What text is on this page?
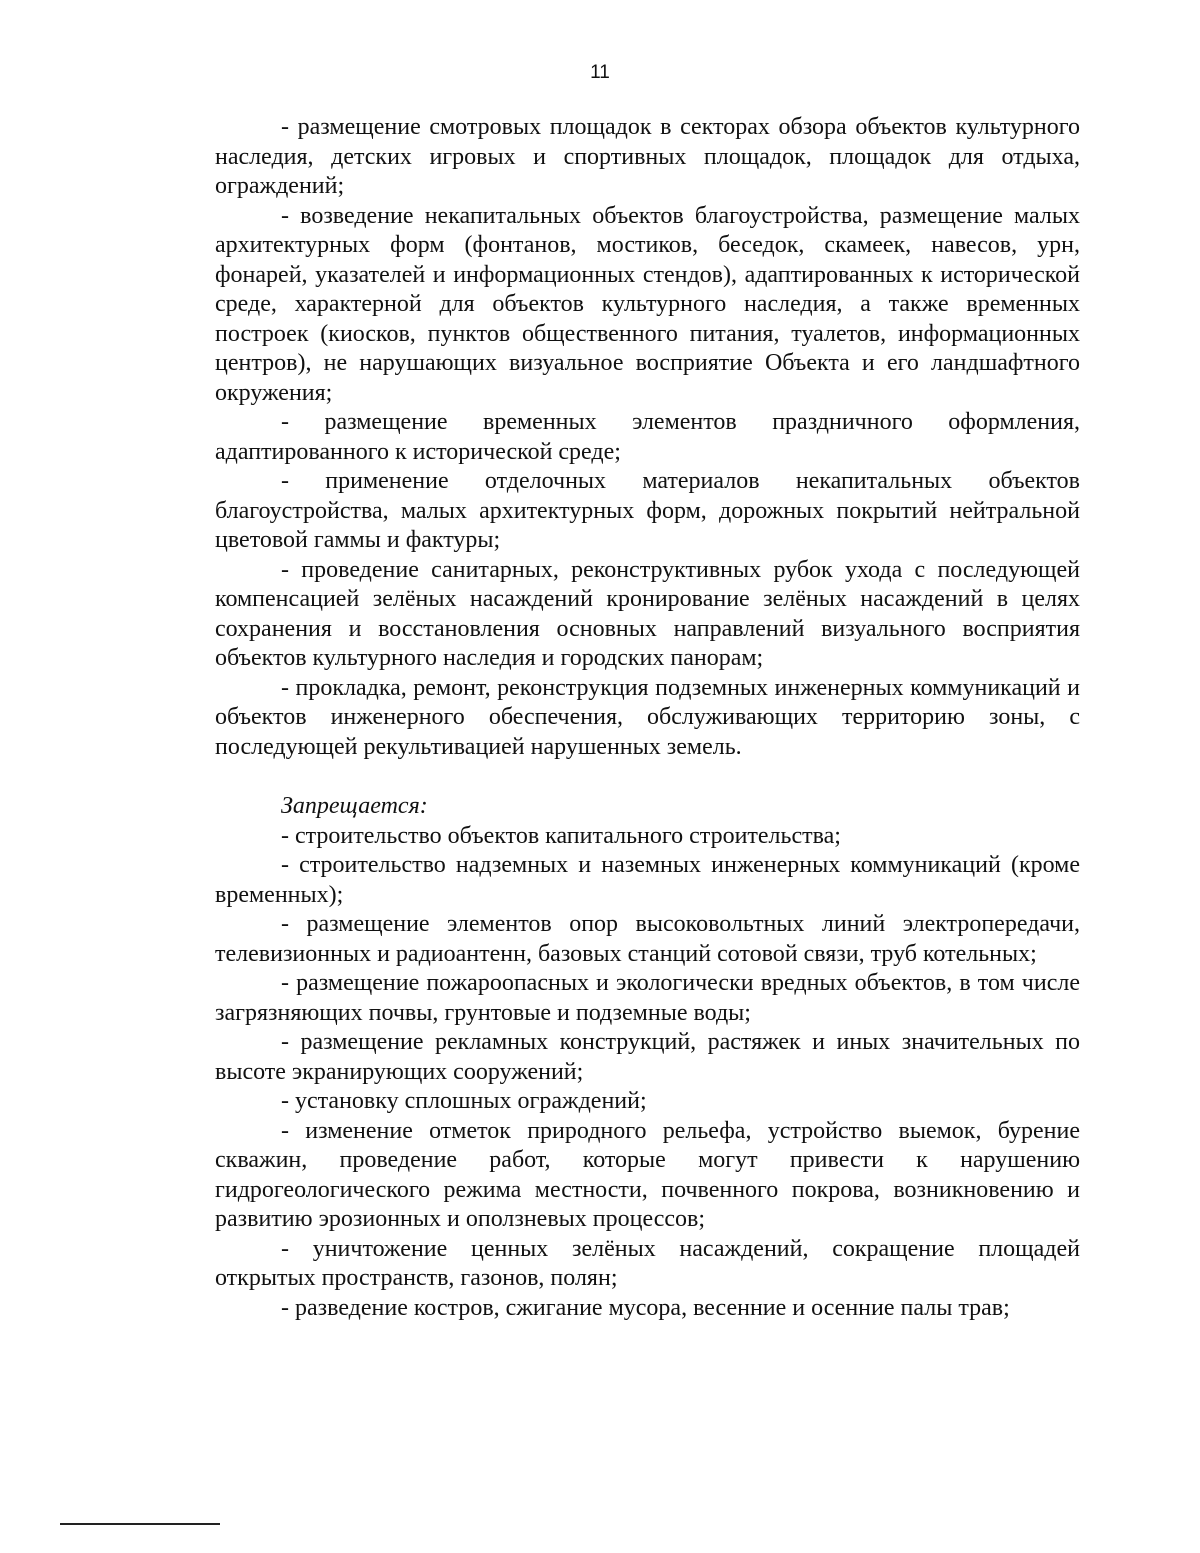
11

- размещение смотровых площадок в секторах обзора объектов культурного наследия, детских игровых и спортивных площадок, площадок для отдыха, ограждений;

- возведение некапитальных объектов благоустройства, размещение малых архитектурных форм (фонтанов, мостиков, беседок, скамеек, навесов, урн, фонарей, указателей и информационных стендов), адаптированных к исторической среде, характерной для объектов культурного наследия, а также временных построек (киосков, пунктов общественного питания, туалетов, информационных центров), не нарушающих визуальное восприятие Объекта и его ландшафтного окружения;

- размещение временных элементов праздничного оформления, адаптированного к исторической среде;

- применение отделочных материалов некапитальных объектов благоустройства, малых архитектурных форм, дорожных покрытий нейтральной цветовой гаммы и фактуры;

- проведение санитарных, реконструктивных рубок ухода с последующей компенсацией зелёных насаждений кронирование зелёных насаждений в целях сохранения и восстановления основных направлений визуального восприятия объектов культурного наследия и городских панорам;

- прокладка, ремонт, реконструкция подземных инженерных коммуникаций и объектов инженерного обеспечения, обслуживающих территорию зоны, с последующей рекультивацией нарушенных земель.

Запрещается:

- строительство объектов капитального строительства;

- строительство надземных и наземных инженерных коммуникаций (кроме временных);

- размещение элементов опор высоковольтных линий электропередачи, телевизионных и радиоантенн, базовых станций сотовой связи, труб котельных;

- размещение пожароопасных и экологически вредных объектов, в том числе загрязняющих почвы, грунтовые и подземные воды;

- размещение рекламных конструкций, растяжек и иных значительных по высоте экранирующих сооружений;

- установку сплошных ограждений;

- изменение отметок природного рельефа, устройство выемок, бурение скважин, проведение работ, которые могут привести к нарушению гидрогеологического режима местности, почвенного покрова, возникновению и развитию эрозионных и оползневых процессов;

- уничтожение ценных зелёных насаждений, сокращение площадей открытых пространств, газонов, полян;

- разведение костров, сжигание мусора, весенние и осенние палы трав;
